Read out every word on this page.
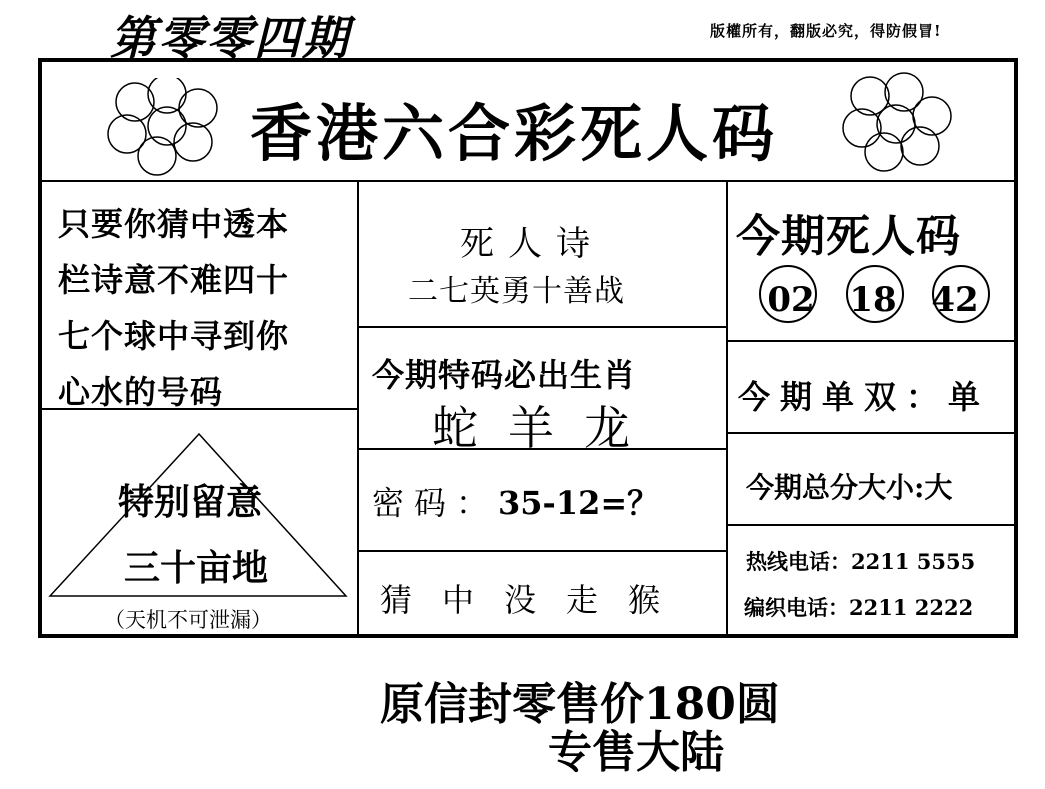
第零零四期	版權所有，翻版必究，得防假冒!
香港六合彩死人码
只要你猜中透本
栏诗意不难四十
七个球中寻到你
心水的号码
特别留意
三十亩地
（天机不可泄漏）
死人诗
二七英勇十善战
今期特码必出生肖
蛇羊龙
密码：35-12=？
猜中没走猴
今期死人码
02	18	42
今期单双：单
今期总分大小:大
热线电话：2211 5555
编织电话：2211 2222
原信封零售价180圆
专售大陆
